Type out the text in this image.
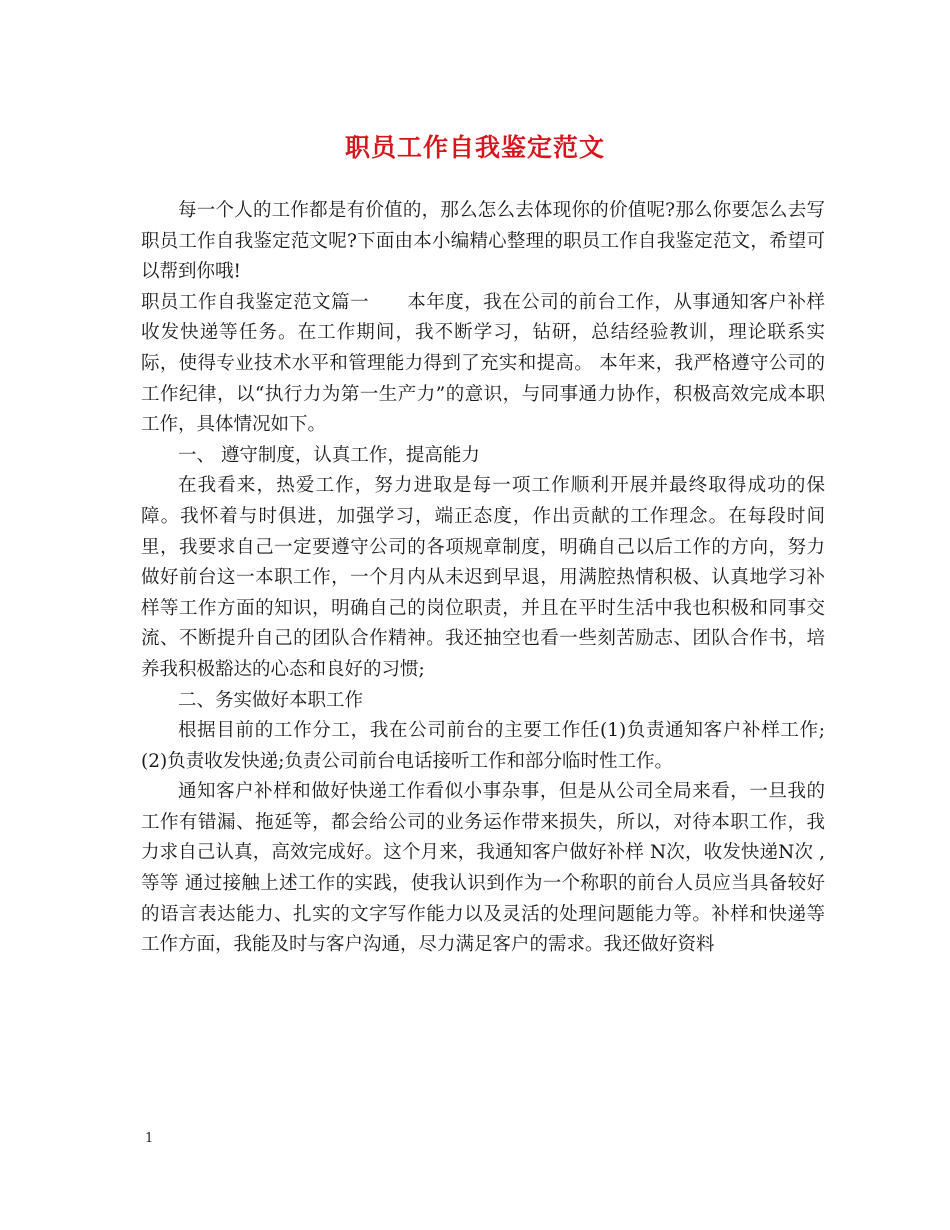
职员工作自我鉴定范文

每一个人的工作都是有价值的，那么怎么去体现你的价值呢?那么你要怎么去写职员工作自我鉴定范文呢?下面由本小编精心整理的职员工作自我鉴定范文，希望可以帮到你哦!

职员工作自我鉴定范文篇一　　本年度，我在公司的前台工作，从事通知客户补样收发快递等任务。在工作期间，我不断学习，钻研，总结经验教训，理论联系实际，使得专业技术水平和管理能力得到了充实和提高。 本年来，我严格遵守公司的工作纪律，以“执行力为第一生产力”的意识，与同事通力协作，积极高效完成本职工作，具体情况如下。

一、 遵守制度，认真工作，提高能力

在我看来，热爱工作，努力进取是每一项工作顺利开展并最终取得成功的保障。我怀着与时俱进，加强学习，端正态度，作出贡献的工作理念。在每段时间里，我要求自己一定要遵守公司的各项规章制度，明确自己以后工作的方向，努力做好前台这一本职工作，一个月内从未迟到早退，用满腔热情积极、认真地学习补样等工作方面的知识，明确自己的岗位职责，并且在平时生活中我也积极和同事交流、不断提升自己的团队合作精神。我还抽空也看一些刻苦励志、团队合作书，培养我积极豁达的心态和良好的习惯;

二、务实做好本职工作

根据目前的工作分工，我在公司前台的主要工作任(1)负责通知客户补样工作;(2)负责收发快递;负责公司前台电话接听工作和部分临时性工作。

通知客户补样和做好快递工作看似小事杂事，但是从公司全局来看，一旦我的工作有错漏、拖延等，都会给公司的业务运作带来损失，所以，对待本职工作，我力求自己认真，高效完成好。这个月来，我通知客户做好补样 N次，收发快递N次 ,等等 通过接触上述工作的实践，使我认识到作为一个称职的前台人员应当具备较好的语言表达能力、扎实的文字写作能力以及灵活的处理问题能力等。补样和快递等工作方面，我能及时与客户沟通，尽力满足客户的需求。我还做好资料

1
